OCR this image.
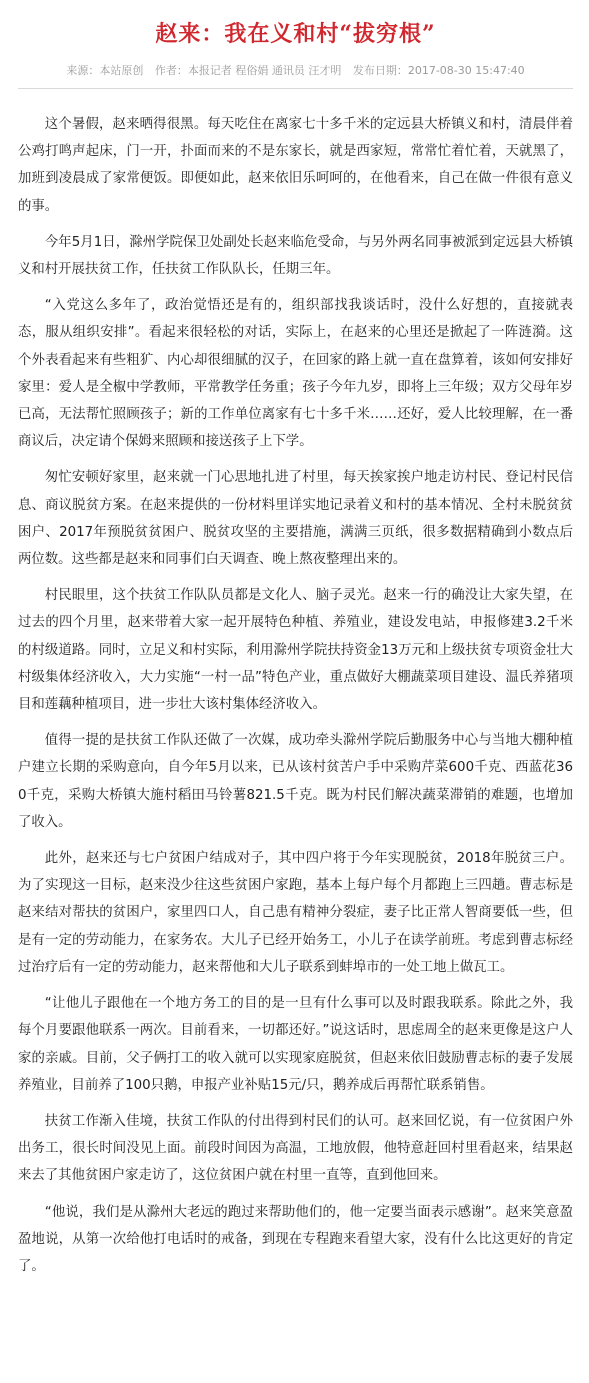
赵来：我在义和村“拔穷根”
来源：本站原创 作者：本报记者 程俗娟 通讯员 汪才明 发布日期：2017-08-30 15:47:40

这个暑假，赵来晒得很黑。每天吃住在离家七十多千米的定远县大桥镇义和村，清晨伴着公鸡打鸣声起床，门一开，扑面而来的不是东家长，就是西家短，常常忙着忙着，天就黑了，加班到凌晨成了家常便饭。即便如此，赵来依旧乐呵呵的，在他看来，自己在做一件很有意义的事。

今年5月1日，滁州学院保卫处副处长赵来临危受命，与另外两名同事被派到定远县大桥镇义和村开展扶贫工作，任扶贫工作队队长，任期三年。

“入党这么多年了，政治觉悟还是有的，组织部找我谈话时，没什么好想的，直接就表态，服从组织安排”。看起来很轻松的对话，实际上，在赵来的心里还是掀起了一阵涟漪。这个外表看起来有些粗犷、内心却很细腻的汉子，在回家的路上就一直在盘算着，该如何安排好家里：爱人是全椒中学教师，平常教学任务重；孩子今年九岁，即将上三年级；双方父母年岁已高，无法帮忙照顾孩子；新的工作单位离家有七十多千米……还好，爱人比较理解，在一番商议后，决定请个保姆来照顾和接送孩子上下学。

匆忙安顿好家里，赵来就一门心思地扎进了村里，每天挨家挨户地走访村民、登记村民信息、商议脱贫方案。在赵来提供的一份材料里详实地记录着义和村的基本情况、全村未脱贫贫困户、2017年预脱贫贫困户、脱贫攻坚的主要措施，满满三页纸，很多数据精确到小数点后两位数。这些都是赵来和同事们白天调查、晚上熬夜整理出来的。

村民眼里，这个扶贫工作队队员都是文化人、脑子灵光。赵来一行的确没让大家失望，在过去的四个月里，赵来带着大家一起开展特色种植、养殖业，建设发电站，申报修建3.2千米的村级道路。同时，立足义和村实际，利用滁州学院扶持资金13万元和上级扶贫专项资金壮大村级集体经济收入，大力实施“一村一品”特色产业，重点做好大棚蔬菜项目建设、温氏养猪项目和莲藕种植项目，进一步壮大该村集体经济收入。

值得一提的是扶贫工作队还做了一次媒，成功牵头滁州学院后勤服务中心与当地大棚种植户建立长期的采购意向，自今年5月以来，已从该村贫苦户手中采购芹菜600千克、西蓝花360千克，采购大桥镇大施村稻田马铃薯821.5千克。既为村民们解决蔬菜滞销的难题，也增加了收入。

此外，赵来还与七户贫困户结成对子，其中四户将于今年实现脱贫，2018年脱贫三户。为了实现这一目标，赵来没少往这些贫困户家跑，基本上每户每个月都跑上三四趟。曹志标是赵来结对帮扶的贫困户，家里四口人，自己患有精神分裂症，妻子比正常人智商要低一些，但是有一定的劳动能力，在家务农。大儿子已经开始务工，小儿子在读学前班。考虑到曹志标经过治疗后有一定的劳动能力，赵来帮他和大儿子联系到蚌埠市的一处工地上做瓦工。

“让他儿子跟他在一个地方务工的目的是一旦有什么事可以及时跟我联系。除此之外，我每个月要跟他联系一两次。目前看来，一切都还好。”说这话时，思虑周全的赵来更像是这户人家的亲戚。目前，父子俩打工的收入就可以实现家庭脱贫，但赵来依旧鼓励曹志标的妻子发展养殖业，目前养了100只鹅，申报产业补贴15元/只，鹅养成后再帮忙联系销售。

扶贫工作渐入佳境，扶贫工作队的付出得到村民们的认可。赵来回忆说，有一位贫困户外出务工，很长时间没见上面。前段时间因为高温，工地放假，他特意赶回村里看赵来，结果赵来去了其他贫困户家走访了，这位贫困户就在村里一直等，直到他回来。

“他说，我们是从滁州大老远的跑过来帮助他们的，他一定要当面表示感谢”。赵来笑意盈盈地说，从第一次给他打电话时的戒备，到现在专程跑来看望大家，没有什么比这更好的肯定了。
